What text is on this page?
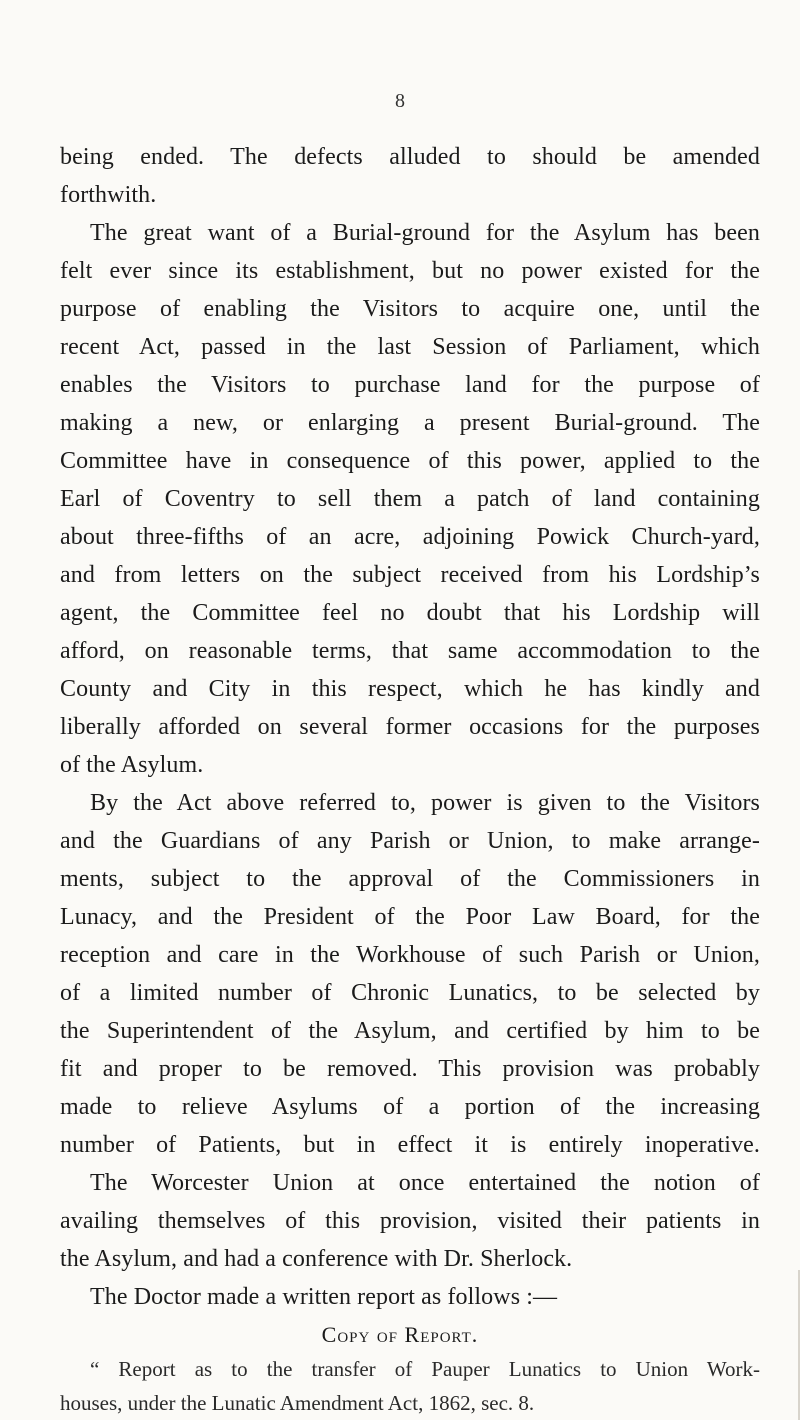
8
being ended. The defects alluded to should be amended
forthwith.
The great want of a Burial-ground for the Asylum has been
felt ever since its establishment, but no power existed for the
purpose of enabling the Visitors to acquire one, until the
recent Act, passed in the last Session of Parliament, which
enables the Visitors to purchase land for the purpose of
making a new, or enlarging a present Burial-ground. The
Committee have in consequence of this power, applied to the
Earl of Coventry to sell them a patch of land containing
about three-fifths of an acre, adjoining Powick Church-yard,
and from letters on the subject received from his Lordship’s
agent, the Committee feel no doubt that his Lordship will
afford, on reasonable terms, that same accommodation to the
County and City in this respect, which he has kindly and
liberally afforded on several former occasions for the purposes
of the Asylum.
By the Act above referred to, power is given to the Visitors
and the Guardians of any Parish or Union, to make arrange-
ments, subject to the approval of the Commissioners in
Lunacy, and the President of the Poor Law Board, for the
reception and care in the Workhouse of such Parish or Union,
of a limited number of Chronic Lunatics, to be selected by
the Superintendent of the Asylum, and certified by him to be
fit and proper to be removed. This provision was probably
made to relieve Asylums of a portion of the increasing
number of Patients, but in effect it is entirely inoperative.
The Worcester Union at once entertained the notion of
availing themselves of this provision, visited their patients in
the Asylum, and had a conference with Dr. Sherlock.
The Doctor made a written report as follows :—
Copy of Report.
“ Report as to the transfer of Pauper Lunatics to Union Work-
houses, under the Lunatic Amendment Act, 1862, sec. 8.
